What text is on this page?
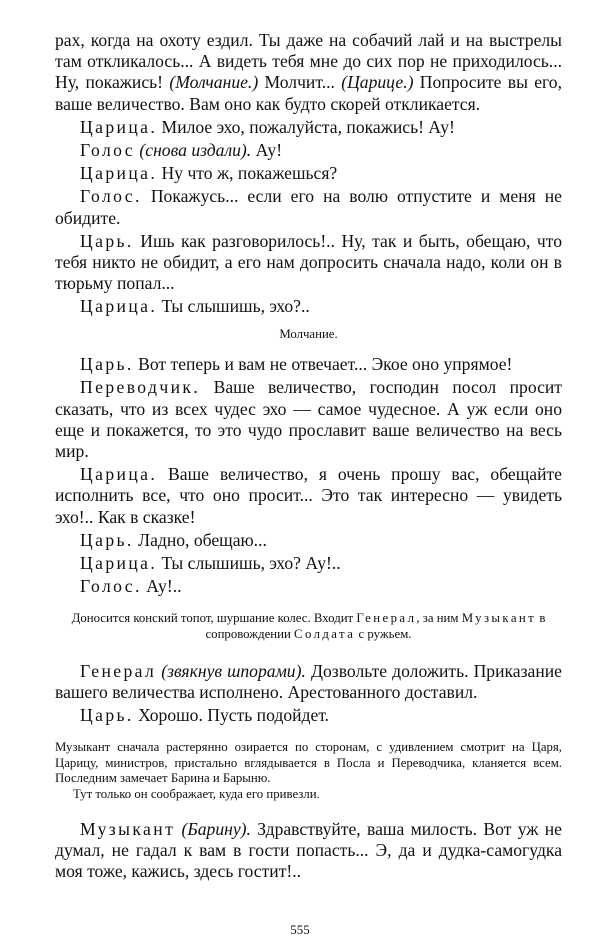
рах, когда на охоту ездил. Ты даже на собачий лай и на выстрелы там откликалось... А видеть тебя мне до сих пор не приходилось... Ну, покажись! (Молчание.) Молчит... (Царице.) Попросите вы его, ваше величество. Вам оно как будто скорей откликается.

Царица. Милое эхо, пожалуйста, покажись! Ау!

Голос (снова издали). Ау!

Царица. Ну что ж, покажешься?

Голос. Покажусь... если его на волю отпустите и меня не обидите.

Царь. Ишь как разговорилось!.. Ну, так и быть, обещаю, что тебя никто не обидит, а его нам допросить сначала надо, коли он в тюрьму попал...

Царица. Ты слышишь, эхо?..

Молчание.

Царь. Вот теперь и вам не отвечает... Экое оно упрямое!

Переводчик. Ваше величество, господин посол просит сказать, что из всех чудес эхо — самое чудесное. А уж если оно еще и покажется, то это чудо прославит ваше величество на весь мир.

Царица. Ваше величество, я очень прошу вас, обещайте исполнить все, что оно просит... Это так интересно — увидеть эхо!.. Как в сказке!

Царь. Ладно, обещаю...

Царица. Ты слышишь, эхо? Ау!..

Голос. Ау!..

Доносится конский топот, шуршание колес. Входит Генерал, за ним Музыкант в сопровождении Солдата с ружьем.

Генерал (звякнув шпорами). Дозвольте доложить. Приказание вашего величества исполнено. Арестованного доставил.

Царь. Хорошо. Пусть подойдет.

Музыкант сначала растерянно озирается по сторонам, с удивлением смотрит на Царя, Царицу, министров, пристально вглядывается в Посла и Переводчика, кланяется всем. Последним замечает Барина и Барыню.

Тут только он соображает, куда его привезли.

Музыкант (Барину). Здравствуйте, ваша милость. Вот уж не думал, не гадал к вам в гости попасть... Э, да и дудка-самогудка моя тоже, кажись, здесь гостит!..

555
